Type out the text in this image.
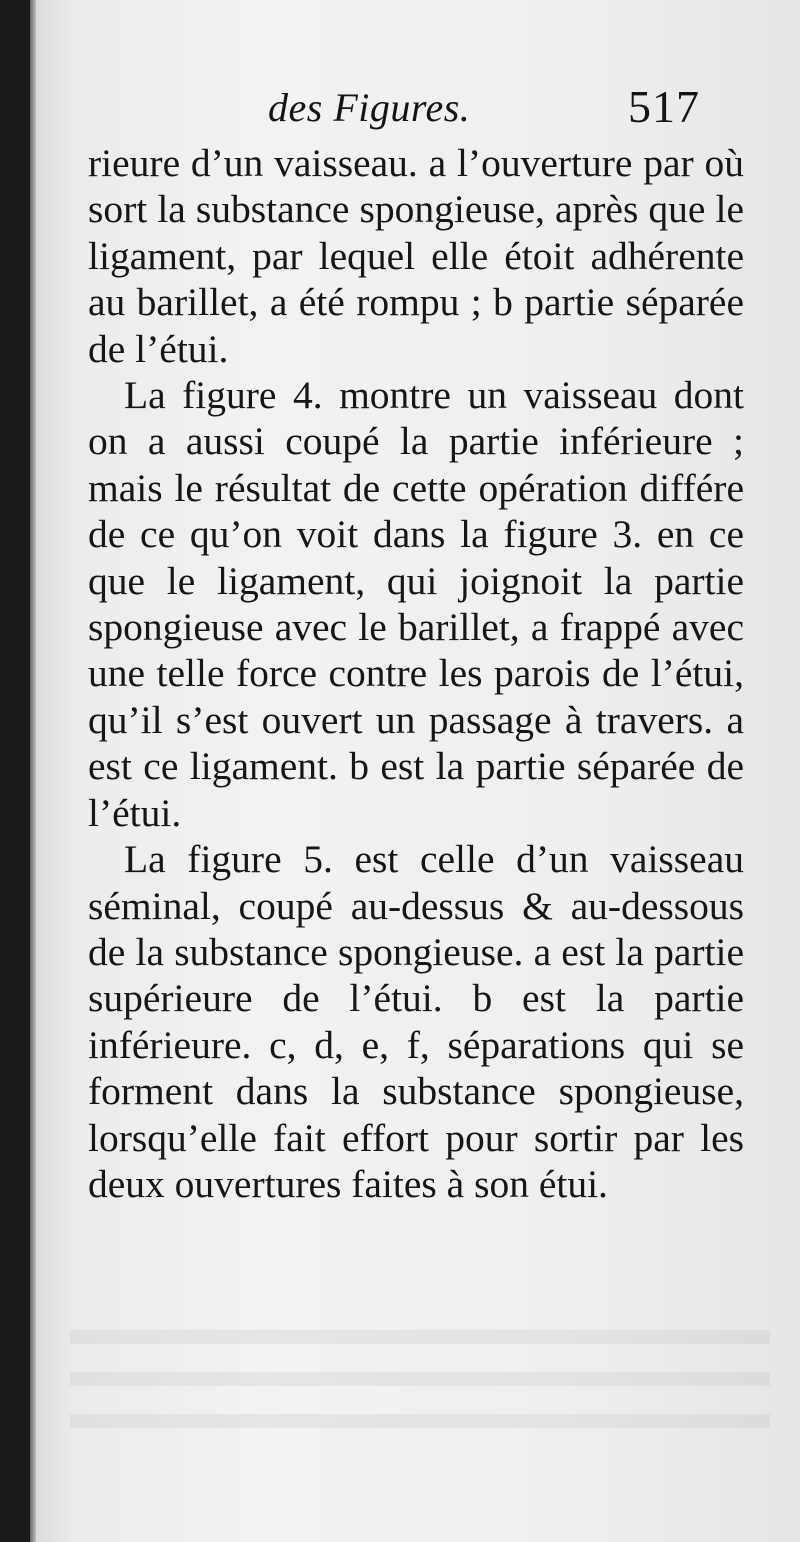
des Figures.	517

rieure d’un vaisseau. a l’ouverture par où sort la substance spongieuse, après que le ligament, par lequel elle étoit adhérente au barillet, a été rompu ; b partie séparée de l’étui.

La figure 4. montre un vaisseau dont on a aussi coupé la partie inférieure ; mais le résultat de cette opération différe de ce qu’on voit dans la figure 3. en ce que le ligament, qui joignoit la partie spongieuse avec le barillet, a frappé avec une telle force contre les parois de l’étui, qu’il s’est ouvert un passage à travers. a est ce ligament. b est la partie séparée de l’étui.

La figure 5. est celle d’un vaisseau séminal, coupé au-dessus & au-dessous de la substance spongieuse. a est la partie supérieure de l’étui. b est la partie inférieure. c, d, e, f, séparations qui se forment dans la substance spongieuse, lorsqu’elle fait effort pour sortir par les deux ouvertures faites à son étui.
